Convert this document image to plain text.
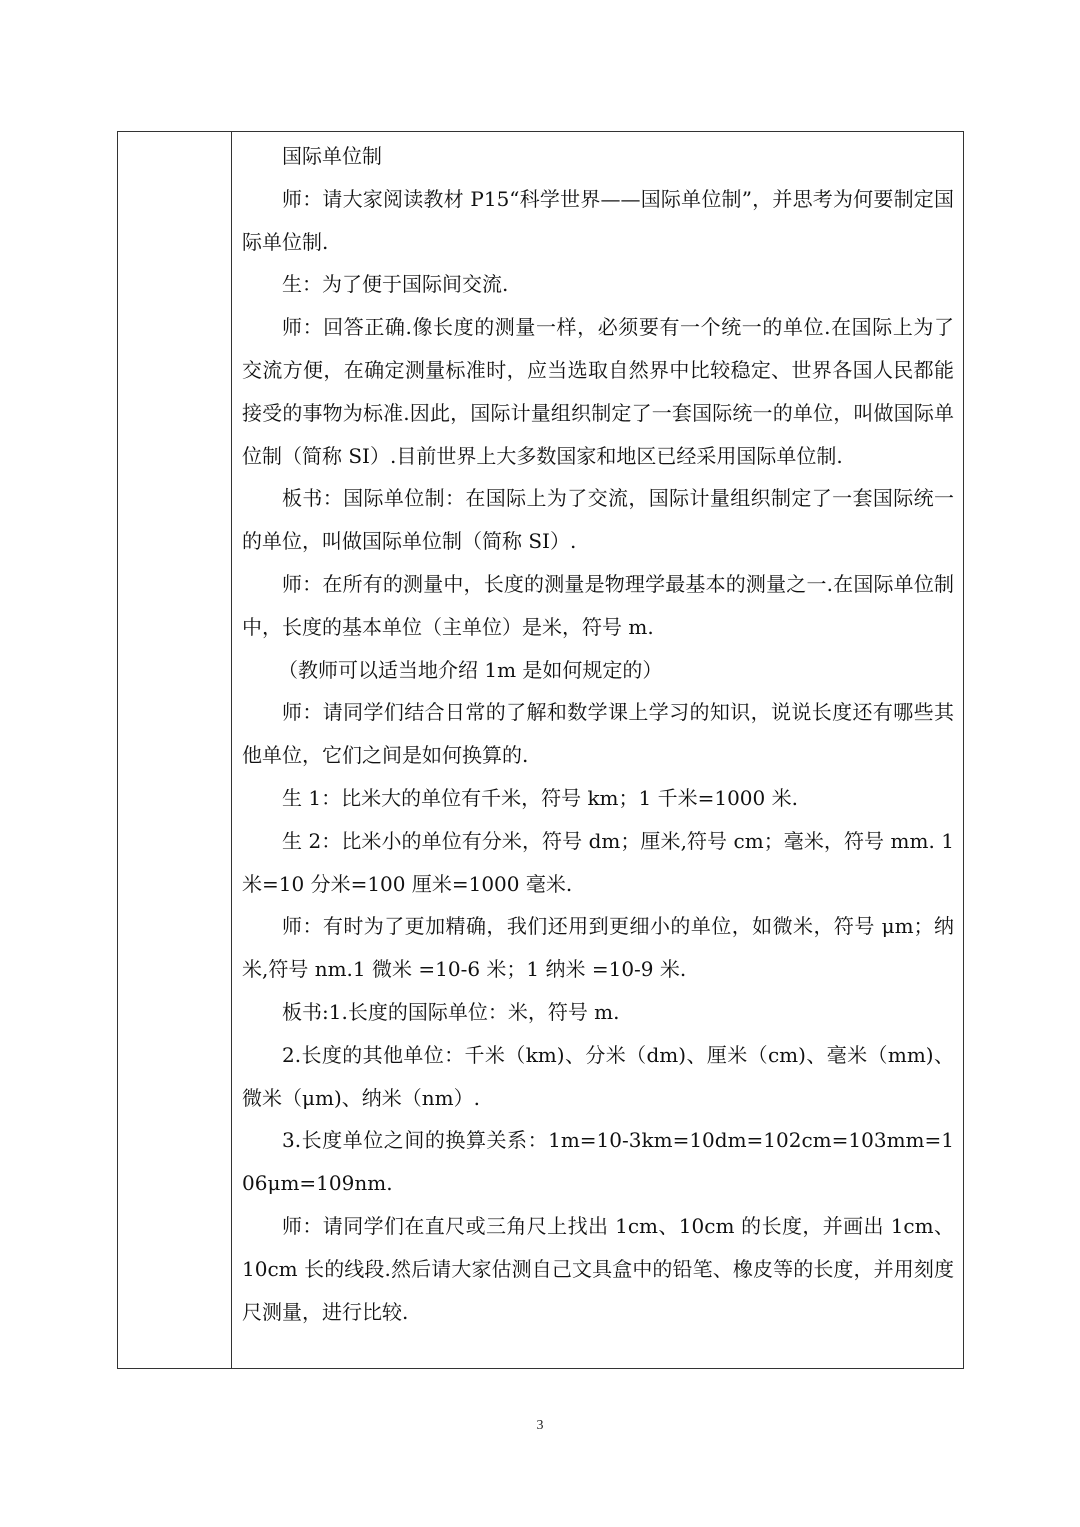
国际单位制

师：请大家阅读教材 P15“科学世界——国际单位制”，并思考为何要制定国际单位制.

生：为了便于国际间交流.

师：回答正确.像长度的测量一样，必须要有一个统一的单位.在国际上为了交流方便，在确定测量标准时，应当选取自然界中比较稳定、世界各国人民都能接受的事物为标准.因此，国际计量组织制定了一套国际统一的单位，叫做国际单位制（简称 SI）.目前世界上大多数国家和地区已经采用国际单位制.

板书：国际单位制：在国际上为了交流，国际计量组织制定了一套国际统一的单位，叫做国际单位制（简称 SI）.

师：在所有的测量中，长度的测量是物理学最基本的测量之一.在国际单位制中，长度的基本单位（主单位）是米，符号 m.

（教师可以适当地介绍 1m 是如何规定的）

师：请同学们结合日常的了解和数学课上学习的知识，说说长度还有哪些其他单位，它们之间是如何换算的.

生 1：比米大的单位有千米，符号 km；1 千米=1000 米.

生 2：比米小的单位有分米，符号 dm；厘米,符号 cm；毫米，符号 mm. 1 米=10 分米=100 厘米=1000 毫米.

师：有时为了更加精确，我们还用到更细小的单位，如微米，符号 μm；纳米,符号 nm.1 微米 =10-6 米；1 纳米 =10-9 米.

板书:1.长度的国际单位：米，符号 m.

2.长度的其他单位：千米（km)、分米（dm)、厘米（cm)、毫米（mm)、微米（μm)、纳米（nm）.

3.长度单位之间的换算关系：1m=10-3km=10dm=102cm=103mm=106μm=109nm.

师：请同学们在直尺或三角尺上找出 1cm、10cm 的长度，并画出 1cm、10cm 长的线段.然后请大家估测自己文具盒中的铅笔、橡皮等的长度，并用刻度尺测量，进行比较.

3
